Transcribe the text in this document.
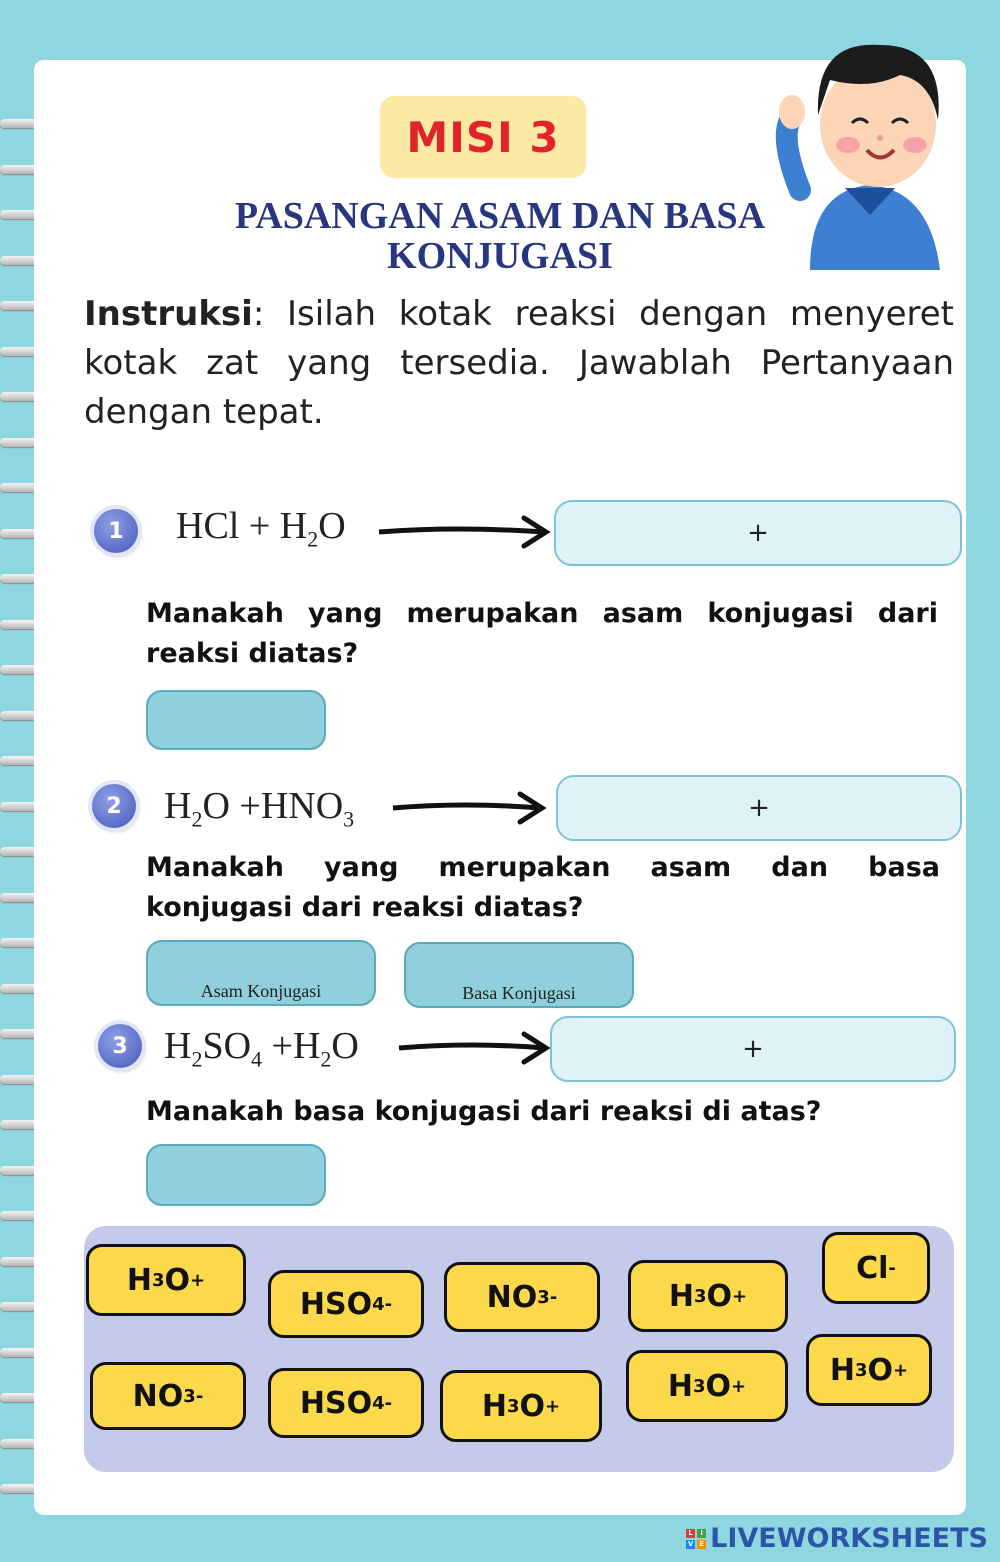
MISI 3
PASANGAN ASAM DAN BASA KONJUGASI
Instruksi: Isilah kotak reaksi dengan menyeret kotak zat yang tersedia. Jawablah Pertanyaan dengan tepat.
1	HCl + $H_2O$	+
Manakah yang merupakan asam konjugasi dari reaksi diatas?
2	$H_2O +HNO_3$	+
Manakah yang merupakan asam dan basa konjugasi dari reaksi diatas?
Asam Konjugasi	Basa Konjugasi
3 $H_2SO_4 +H_2O$	+
Manakah basa konjugasi dari reaksi di atas?
H 3 O +
HSO 4 -	NO 3 -	H 3 O +
Cl -
NO 3 -	HSO 4 -	H 3 O +
H 3 O +	H 3 O +
L	I
V E LIVEWORKSHEETS
